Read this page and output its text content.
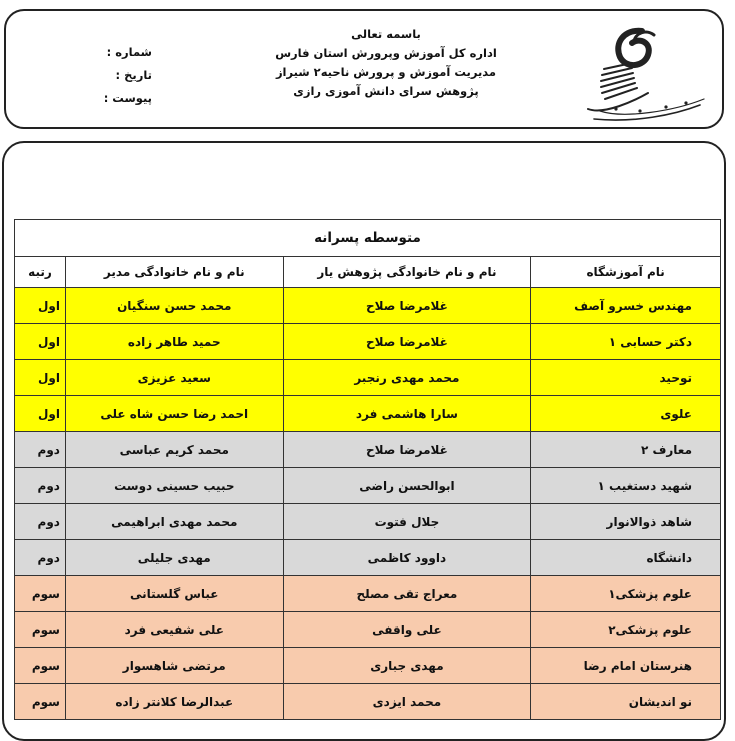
باسمه تعالی
اداره کل آموزش وپرورش استان فارس
مدیریت آموزش و پرورش ناحیه۲ شیراز
پژوهش سرای دانش آموزی رازی
شماره :
تاریخ :
پیوست :
متوسطه پسرانه			
نام آموزشگاه	نام و نام خانوادگی پژوهش یار	نام و نام خانوادگی مدیر	رتبه
مهندس خسرو آصف	غلامرضا صلاح	محمد حسن سنگیان	اول
دکتر حسابی ۱	غلامرضا صلاح	حمید طاهر زاده	اول
توحید	محمد مهدی رنجبر	سعید عزیزی	اول
علوی	سارا هاشمی فرد	احمد رضا حسن شاه علی	اول
معارف ۲	غلامرضا صلاح	محمد کریم عباسی	دوم
شهید دستغیب ۱	ابوالحسن راضی	حبیب حسینی دوست	دوم
شاهد ذوالانوار	جلال فتوت	محمد مهدی ابراهیمی	دوم
دانشگاه	داوود کاظمی	مهدی جلیلی	دوم
علوم پزشکی۱	معراج تقی مصلح	عباس گلستانی	سوم
علوم پزشکی۲	علی واقفی	علی شفیعی فرد	سوم
هنرستان امام رضا	مهدی جباری	مرتضی شاهسوار	سوم
نو اندیشان	محمد ایزدی	عبدالرضا کلانتر زاده	سوم
